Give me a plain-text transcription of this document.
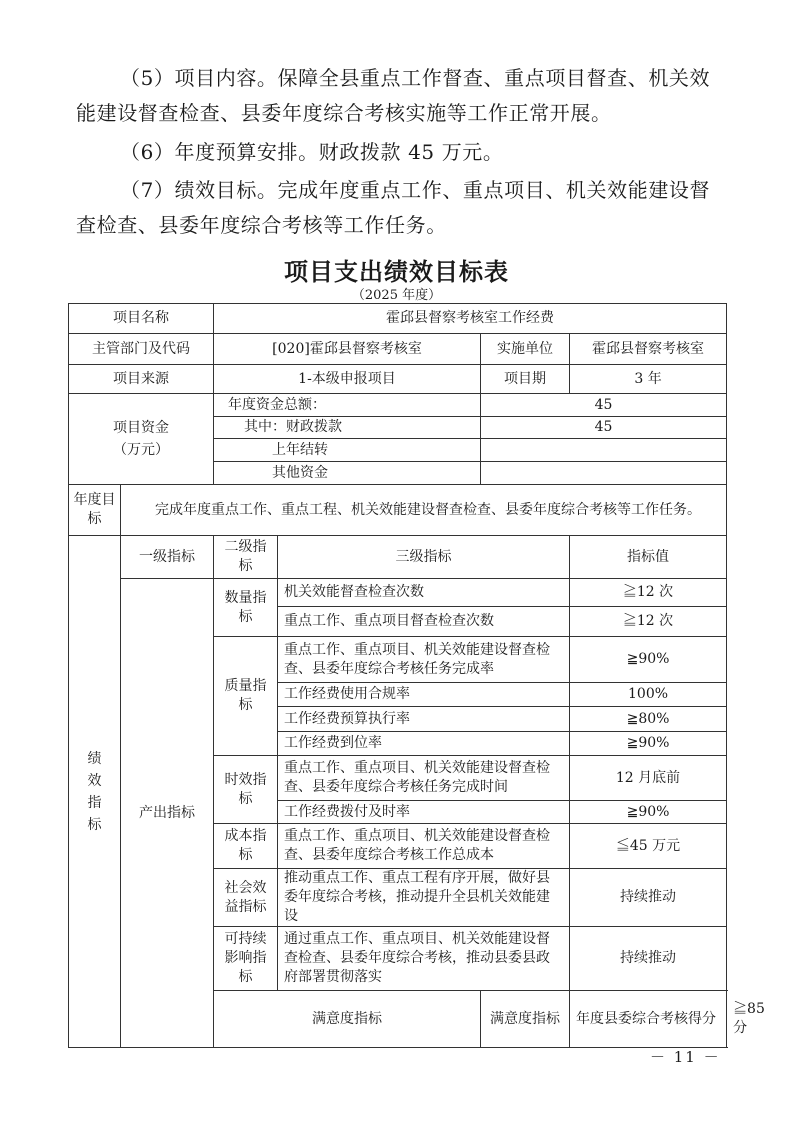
（5）项目内容。保障全县重点工作督查、重点项目督查、机关效
能建设督查检查、县委年度综合考核实施等工作正常开展。
（6）年度预算安排。财政拨款 45 万元。
（7）绩效目标。完成年度重点工作、重点项目、机关效能建设督
查检查、县委年度综合考核等工作任务。
项目支出绩效目标表
（2025 年度）
项目名称		霍邱县督察考核室工作经费				
主管部门及代码		[020]霍邱县督察考核室		实施单位	霍邱县督察考核室	
项目来源		1-本级申报项目		项目期	3 年	

项目资金
（万元）		年度资金总额：		45		
		其中：财政拨款		45		
		上年结转				
		其他资金				
年度目标	完成年度重点工作、重点工程、机关效能建设督查检查、县委年度综合考核等工作任务。					
绩效指标	一级指标	二级指标	三级指标		指标值	
	产出指标	数量指标	机关效能督查检查次数		≧12 次	
			重点工作、重点项目督查检查次数		≧12 次	
		质量指标	重点工作、重点项目、机关效能建设督查检查、县委年度综合考核任务完成率		≧90%	
			工作经费使用合规率		100%	
			工作经费预算执行率		≧80%	
			工作经费到位率		≧90%	
		时效指标	重点工作、重点项目、机关效能建设督查检查、县委年度综合考核任务完成时间		12 月底前	
			工作经费拨付及时率		≧90%	
		成本指标	重点工作、重点项目、机关效能建设督查检查、县委年度综合考核工作总成本		≦45 万元	
		社会效益指标	推动重点工作、重点工程有序开展，做好县委年度综合考核，推动提升全县机关效能建设		持续推动	
		可持续影响指标	通过重点工作、重点项目、机关效能建设督查检查、县委年度综合考核，推动县委县政府部署贯彻落实		持续推动	
		满意度指标		满意度指标	年度县委综合考核得分	≧85 分
－ 11 －
